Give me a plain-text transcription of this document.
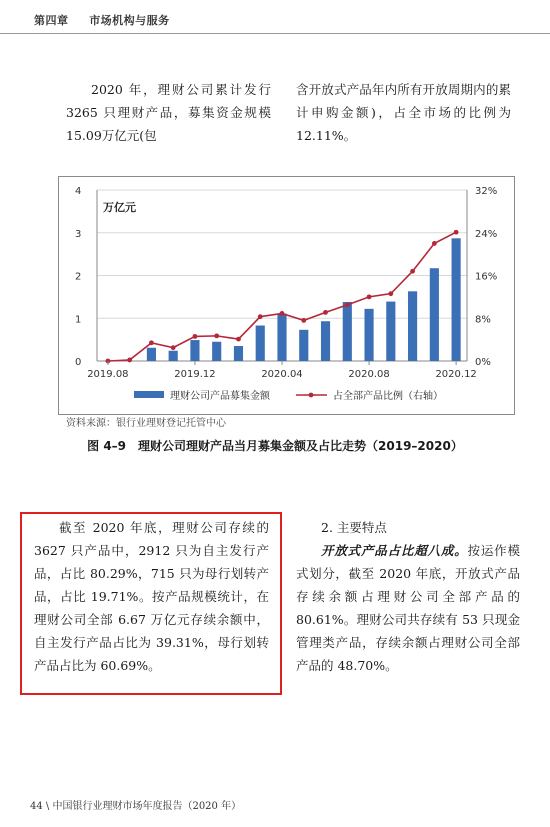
第四章 市场机构与服务
2020 年，理财公司累计发行 3265 只理财产品，募集资金规模15.09万亿元(包
含开放式产品年内所有开放周期内的累计申购金额)，占全市场的比例为 12.11%。
0
1
2
3
4
0%
8%
16%
24%
32%
万亿元
2019.08	2019.12	2020.04	2020.08	2020.12
理财公司产品募集金额	占全部产品比例（右轴）
资料来源：银行业理财登记托管中心
图 4–9　理财公司理财产品当月募集金额及占比走势（2019–2020）
截至 2020 年底，理财公司存续的 3627 只产品中，2912 只为自主发行产品，占比 80.29%，715 只为母行划转产品，占比 19.71%。按产品规模统计，在理财公司全部 6.67 万亿元存续余额中，自主发行产品占比为 39.31%，母行划转产品占比为 60.69%。
2. 主要特点
开放式产品占比超八成。按运作模式划分，截至 2020 年底，开放式产品存续余额占理财公司全部产品的 80.61%。理财公司共存续有 53 只现金管理类产品，存续余额占理财公司全部产品的 48.70%。
44 \ 中国银行业理财市场年度报告（2020 年）
